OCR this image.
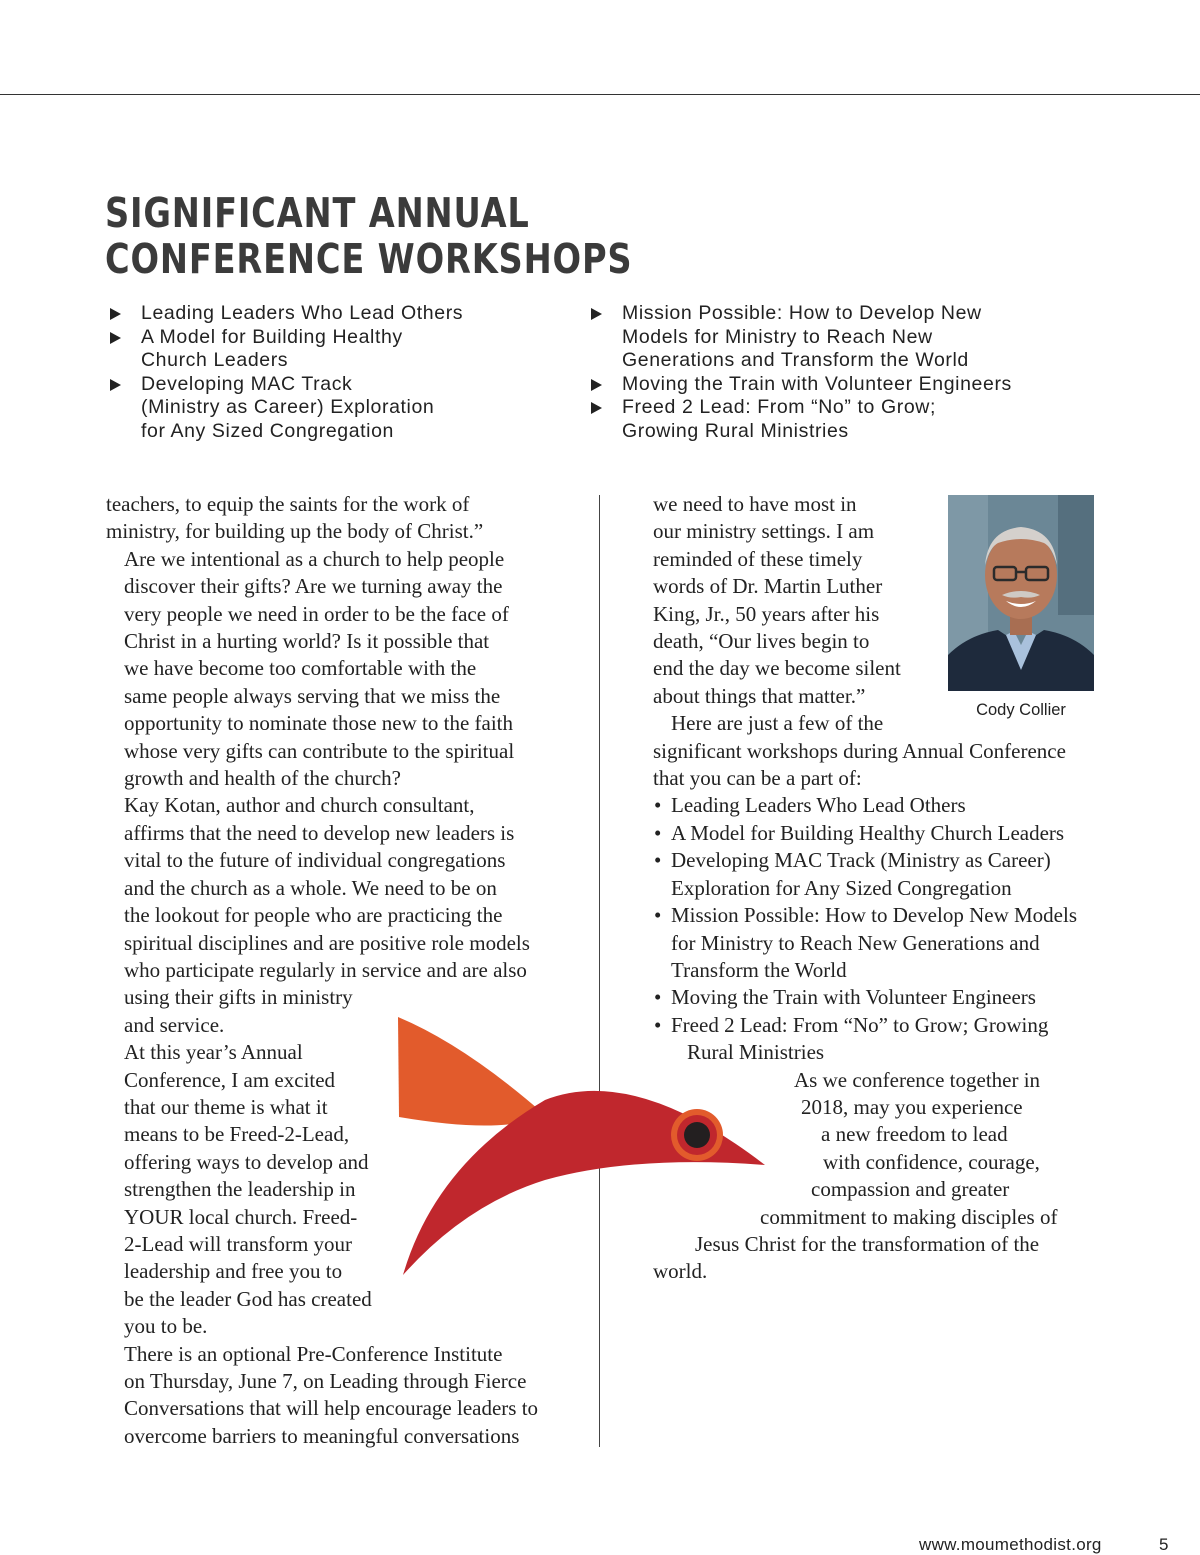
SIGNIFICANT ANNUAL
CONFERENCE WORKSHOPS
Leading Leaders Who Lead Others
A Model for Building Healthy
Church Leaders
Developing MAC Track
(Ministry as Career) Exploration
for Any Sized Congregation
Mission Possible: How to Develop New
Models for Ministry to Reach New
Generations and Transform the World
Moving the Train with Volunteer Engineers
Freed 2 Lead: From “No” to Grow;
Growing Rural Ministries

teachers, to equip the saints for the work of
ministry, for building up the body of Christ.”

Are we intentional as a church to help people
discover their gifts? Are we turning away the
very people we need in order to be the face of
Christ in a hurting world? Is it possible that
we have become too comfortable with the
same people always serving that we miss the
opportunity to nominate those new to the faith
whose very gifts can contribute to the spiritual
growth and health of the church?

Kay Kotan, author and church consultant,
affirms that the need to develop new leaders is
vital to the future of individual congregations
and the church as a whole. We need to be on
the lookout for people who are practicing the
spiritual disciplines and are positive role models
who participate regularly in service and are also
using their gifts in ministry
and service.

At this year’s Annual
Conference, I am excited
that our theme is what it
means to be Freed-2-Lead,
offering ways to develop and
strengthen the leadership in
YOUR local church. Freed-
2-Lead will transform your
leadership and free you to
be the leader God has created
you to be.

There is an optional Pre-Conference Institute
on Thursday, June 7, on Leading through Fierce
Conversations that will help encourage leaders to
overcome barriers to meaningful conversations

Cody Collier

we need to have most in
our ministry settings. I am
reminded of these timely
words of Dr. Martin Luther
King, Jr., 50 years after his
death, “Our lives begin to
end the day we become silent
about things that matter.”

Here are just a few of the
significant workshops during Annual Conference
that you can be a part of:

• Leading Leaders Who Lead Others
• A Model for Building Healthy Church Leaders
• Developing MAC Track (Ministry as Career)
Exploration for Any Sized Congregation
• Mission Possible: How to Develop New Models
for Ministry to Reach New Generations and
Transform the World
• Moving the Train with Volunteer Engineers
• Freed 2 Lead: From “No” to Grow; Growing
Rural Ministries

As we conference together in
2018, may you experience
a new freedom to lead
with confidence, courage,
compassion and greater
commitment to making disciples of
Jesus Christ for the transformation of the
world.

www.moumethodist.org	5
